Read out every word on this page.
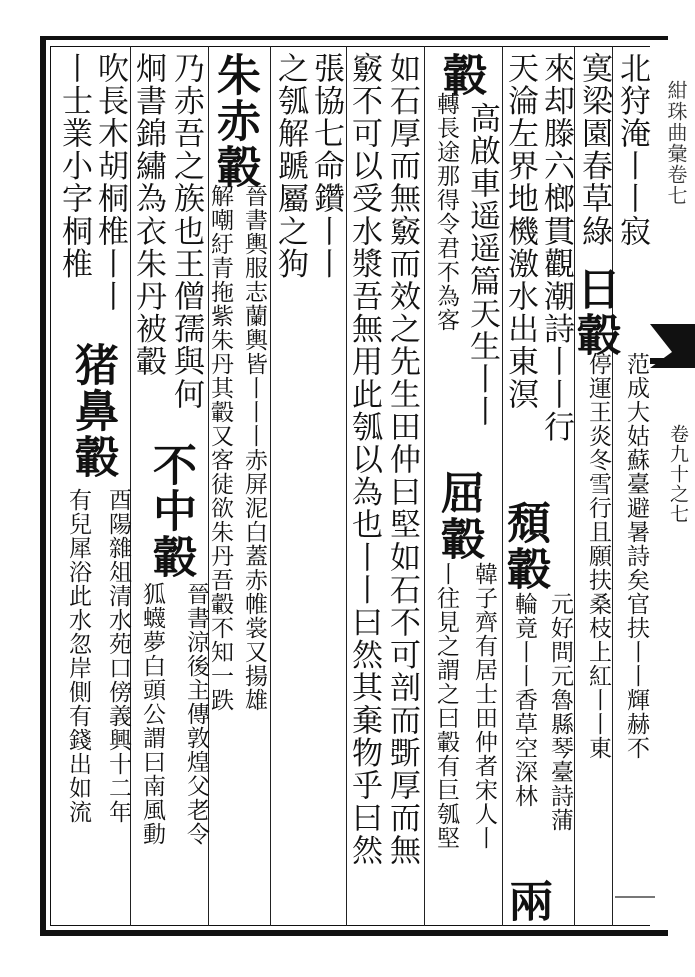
紺珠曲彙卷七
卷九十之七
北狩淹丨丨寂
日轂
范成大姑蘇臺避暑詩矣官扶丨丨輝赫不
寞梁園春草綠
停運王炎冬雪行且願扶桑枝上紅丨丨東
來却滕六榔貫觀潮詩丨丨行
頹轂
元好問元魯縣琴臺詩蒲
天淪左界地機激水出東溟
輪竟丨丨香草空深林
兩
轂
高啟車遥遥篇天生丨丨
屈轂
韓子齊有居士田仲者宋人丨
轉長途那得令君不為客
丨往見之謂之曰轂有巨瓠堅
如石厚而無竅而效之先生田仲曰堅如石不可剖而斲厚而無
竅不可以受水漿吾無用此瓠以為也丨丨曰然其棄物乎曰然
張協七命鑽丨丨
之瓠解蹏屬之狗
朱赤轂
晉書輿服志蘭輿皆丨丨丨赤屏泥白蓋赤帷裳又揚雄
解嘲紆青拖紫朱丹其轂又客徒欲朱丹吾轂不知一跌
乃赤吾之族也王僧孺與何
不中轂
晉書涼後主傳敦煌父老令
炯書錦繡為衣朱丹被轂
狐蠛夢白頭公謂曰南風動
吹長木胡桐椎丨丨
猪鼻轂
酉陽雜俎清水苑口傍義興十二年
丨士業小字桐椎
有兒犀浴此水忽岸側有錢出如流
